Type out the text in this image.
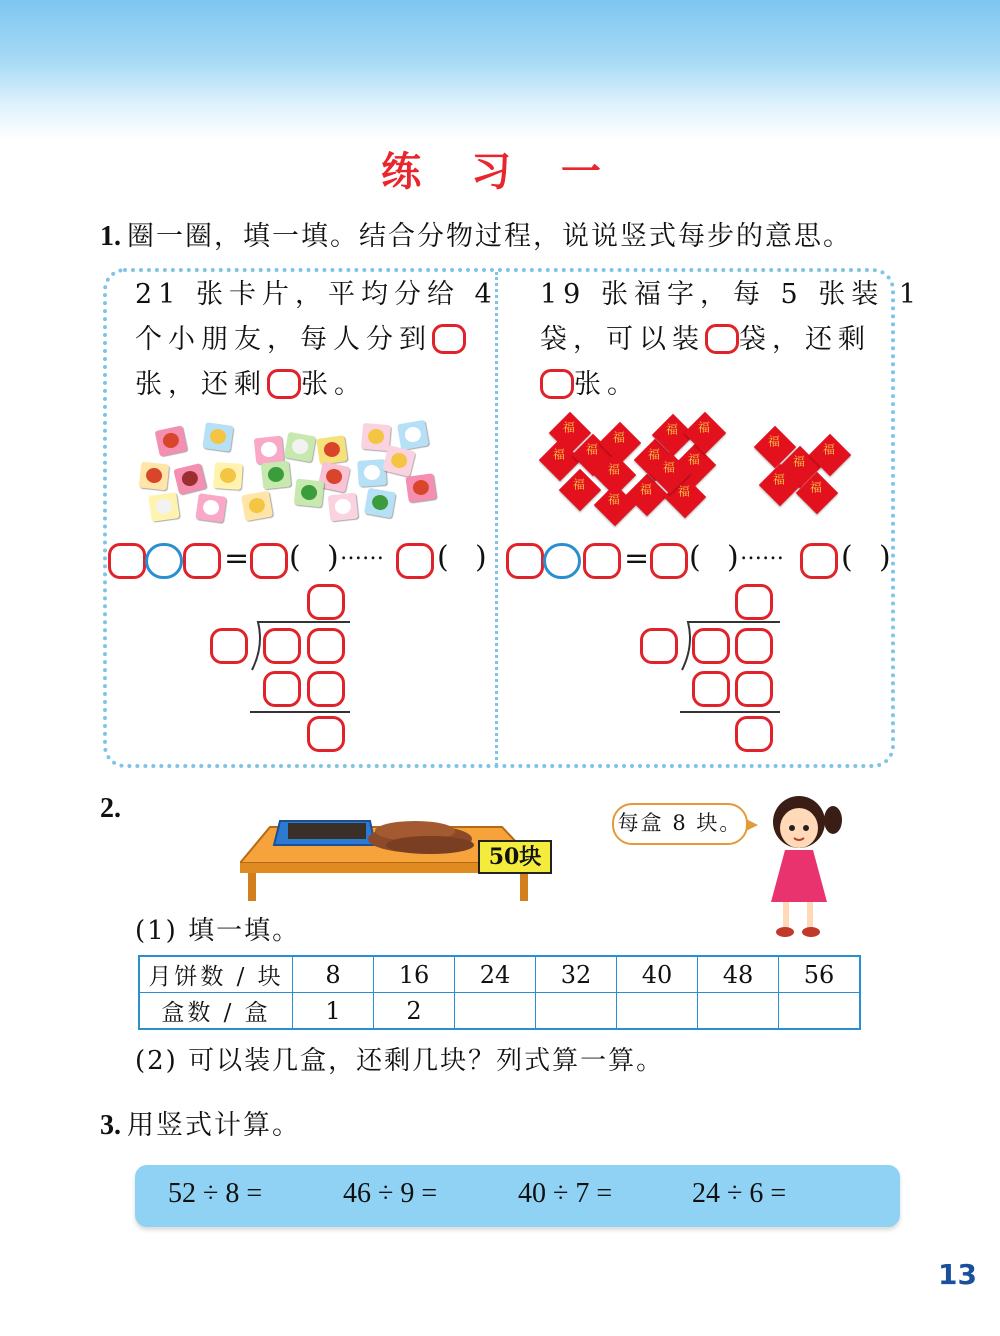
练 习 一
1. 圈一圈，填一填。结合分物过程，说说竖式每步的意思。
21 张卡片，平均分给 4
个小朋友，每人分到
张，还剩 张。
19 张福字，每 5 张装 1
袋，可以装 袋，还剩
张。
福
福 福
福
福
福	福
福
福
福
福
福
福
福
福
福
福
福
福
= ( ) …… ( )	= ( ) …… ( )
2.
50块
每盒 8 块。
(1) 填一填。
月饼数 / 块	8	16	24	32	40	48	56
盒数 / 盒	1	2					
(2) 可以装几盒，还剩几块？列式算一算。
3. 用竖式计算。
52 ÷ 8 =	46 ÷ 9 =	40 ÷ 7 =	24 ÷ 6 =
13
